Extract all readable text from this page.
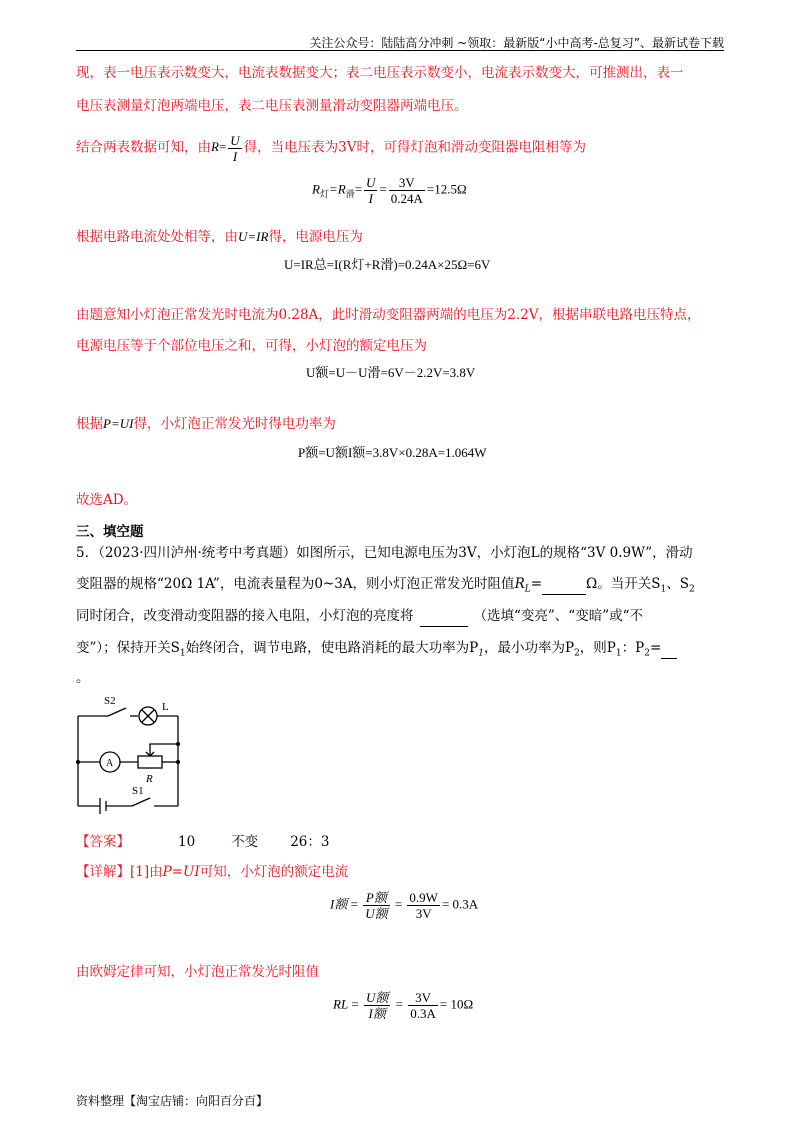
关注公众号：陆陆高分冲刺 ~领取：最新版“小中高考-总复习”、最新试卷下载
现，表一电压表示数变大，电流表数据变大；表二电压表示数变小，电流表示数变大，可推测出，表一
电压表测量灯泡两端电压，表二电压表测量滑动变阻器两端电压。
结合两表数据可知，由$R= \frac{U}{I}$ 得，当电压表为3V时，可得灯泡和滑动变阻器电阻相等为
$R_灯=R_滑= \frac{U}{I} = \frac{3V}{0.24A} =12.5\Omega$
根据电路电流处处相等，由U=IR得，电源电压为
U=IR总=I(R灯+R滑)=0.24A×25Ω=6V
由题意知小灯泡正常发光时电流为0.28A，此时滑动变阻器两端的电压为2.2V，根据串联电路电压特点，
电源电压等于个部位电压之和，可得，小灯泡的额定电压为
U额=U－U滑=6V－2.2V=3.8V
根据P=UI得，小灯泡正常发光时得电功率为
P额=U额I额=3.8V×0.28A=1.064W
故选AD。
三、填空题
5．（2023·四川泸州·统考中考真题）如图所示，已知电源电压为3V，小灯泡L的规格“3V 0.9W”，滑动
变阻器的规格“20Ω 1A”，电流表量程为0~3A，则小灯泡正常发光时阻值$R_L=$	Ω。当开关$S_1$、$S_2$
同时闭合，改变滑动变阻器的接入电阻，小灯泡的亮度将	（选填“变亮”、“变暗”或“不
变”）；保持开关$S_1$始终闭合，调节电路，使电路消耗的最大功率为$P_1$，最小功率为$P_2$，则$P_1$：$P_2=$
。
S2	L
A
R
S1
【答案】	10	不变 26：3
【详解】[1]由P=UI可知，小灯泡的额定电流
I额 = $\frac{\text{P额}}{\text{U额}} = \frac{0.9W}{3V} = 0.3A$
由欧姆定律可知，小灯泡正常发光时阻值
RL = $\frac{\text{U额}}{\text{I额}} = \frac{3V}{0.3A} = 10\Omega$
资料整理【淘宝店铺：向阳百分百】
